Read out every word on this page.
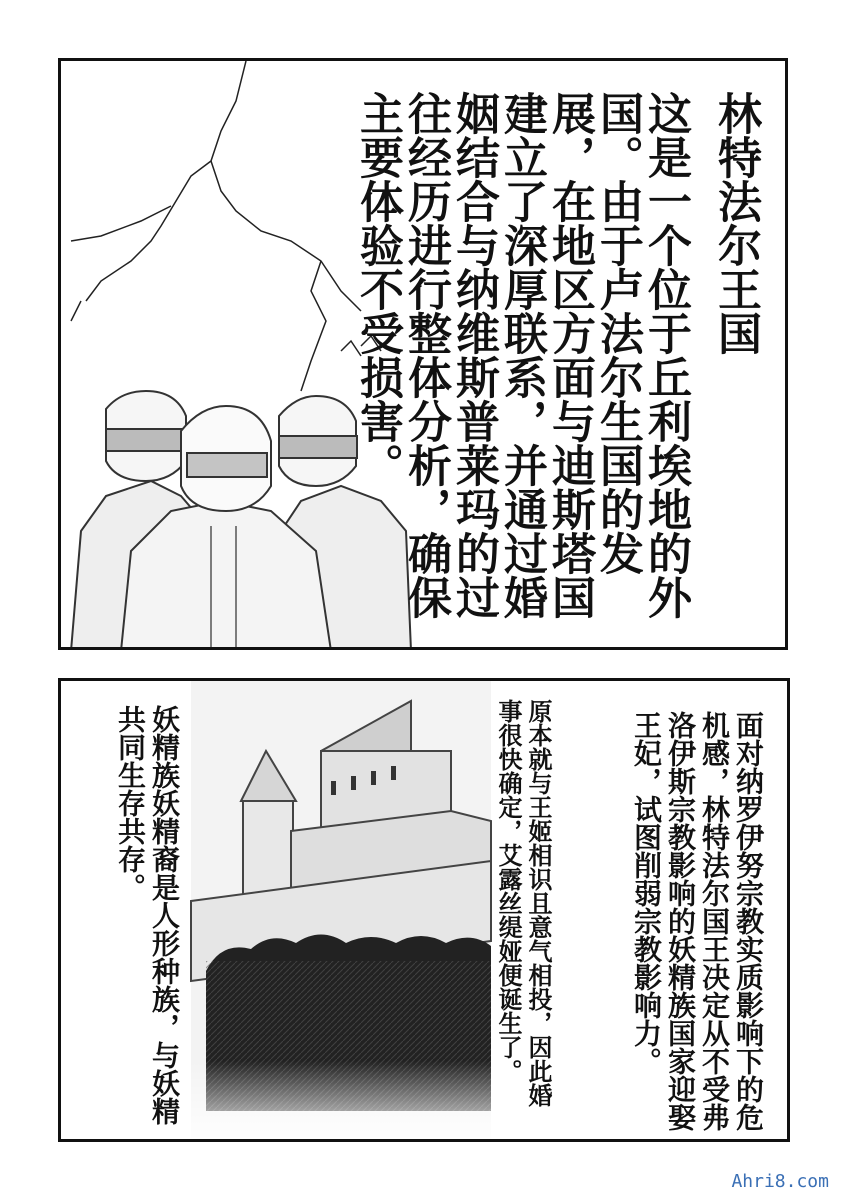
林特法尔王国
这是一个位于丘利埃地的外国。由于卢法尔生国的发展，在地区方面与迪斯塔国建立了深厚联系，并通过婚姻结合与纳维斯普莱玛的过往经历进行整体分析，确保主要体验不受损害。
面对纳罗伊努宗教实质影响下的危机感，林特法尔国王决定从不受弗洛伊斯宗教影响的妖精族国家迎娶王妃，试图削弱宗教影响力。
原本就与王姬相识且意气相投，因此婚事很快确定，艾露丝缇娅便诞生了。
妖精族妖精裔是人形种族，与妖精共同生存共存。
Ahri8.com
